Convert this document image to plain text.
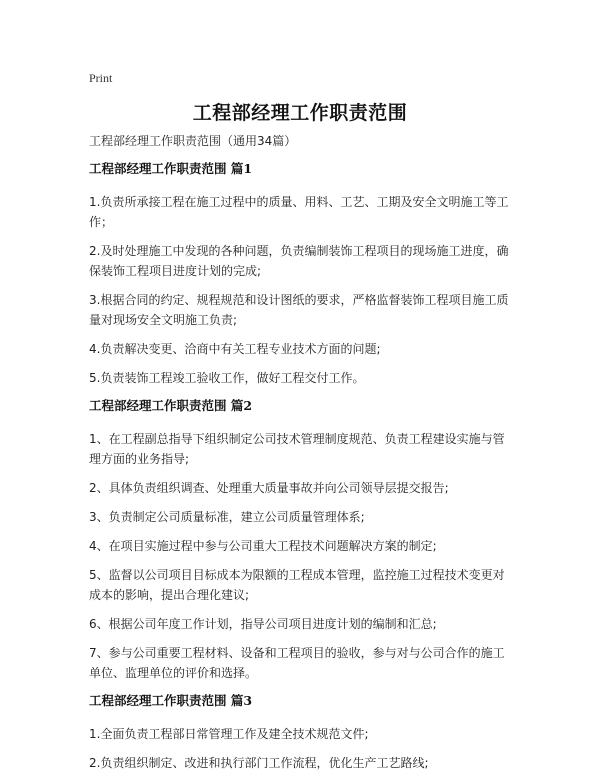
Print
工程部经理工作职责范围
工程部经理工作职责范围（通用34篇）
工程部经理工作职责范围 篇1
1.负责所承接工程在施工过程中的质量、用料、工艺、工期及安全文明施工等工作；
2.及时处理施工中发现的各种问题，负责编制装饰工程项目的现场施工进度，确保装饰工程项目进度计划的完成;
3.根据合同的约定、规程规范和设计图纸的要求，严格监督装饰工程项目施工质量对现场安全文明施工负责;
4.负责解决变更、洽商中有关工程专业技术方面的问题;
5.负责装饰工程竣工验收工作，做好工程交付工作。
工程部经理工作职责范围 篇2
1、在工程副总指导下组织制定公司技术管理制度规范、负责工程建设实施与管理方面的业务指导;
2、具体负责组织调查、处理重大质量事故并向公司领导层提交报告;
3、负责制定公司质量标准，建立公司质量管理体系;
4、在项目实施过程中参与公司重大工程技术问题解决方案的制定;
5、监督以公司项目目标成本为限额的工程成本管理，监控施工过程技术变更对成本的影响，提出合理化建议;
6、根据公司年度工作计划，指导公司项目进度计划的编制和汇总;
7、参与公司重要工程材料、设备和工程项目的验收，参与对与公司合作的施工单位、监理单位的评价和选择。
工程部经理工作职责范围 篇3
1.全面负责工程部日常管理工作及建全技术规范文件;
2.负责组织制定、改进和执行部门工作流程，优化生产工艺路线;
